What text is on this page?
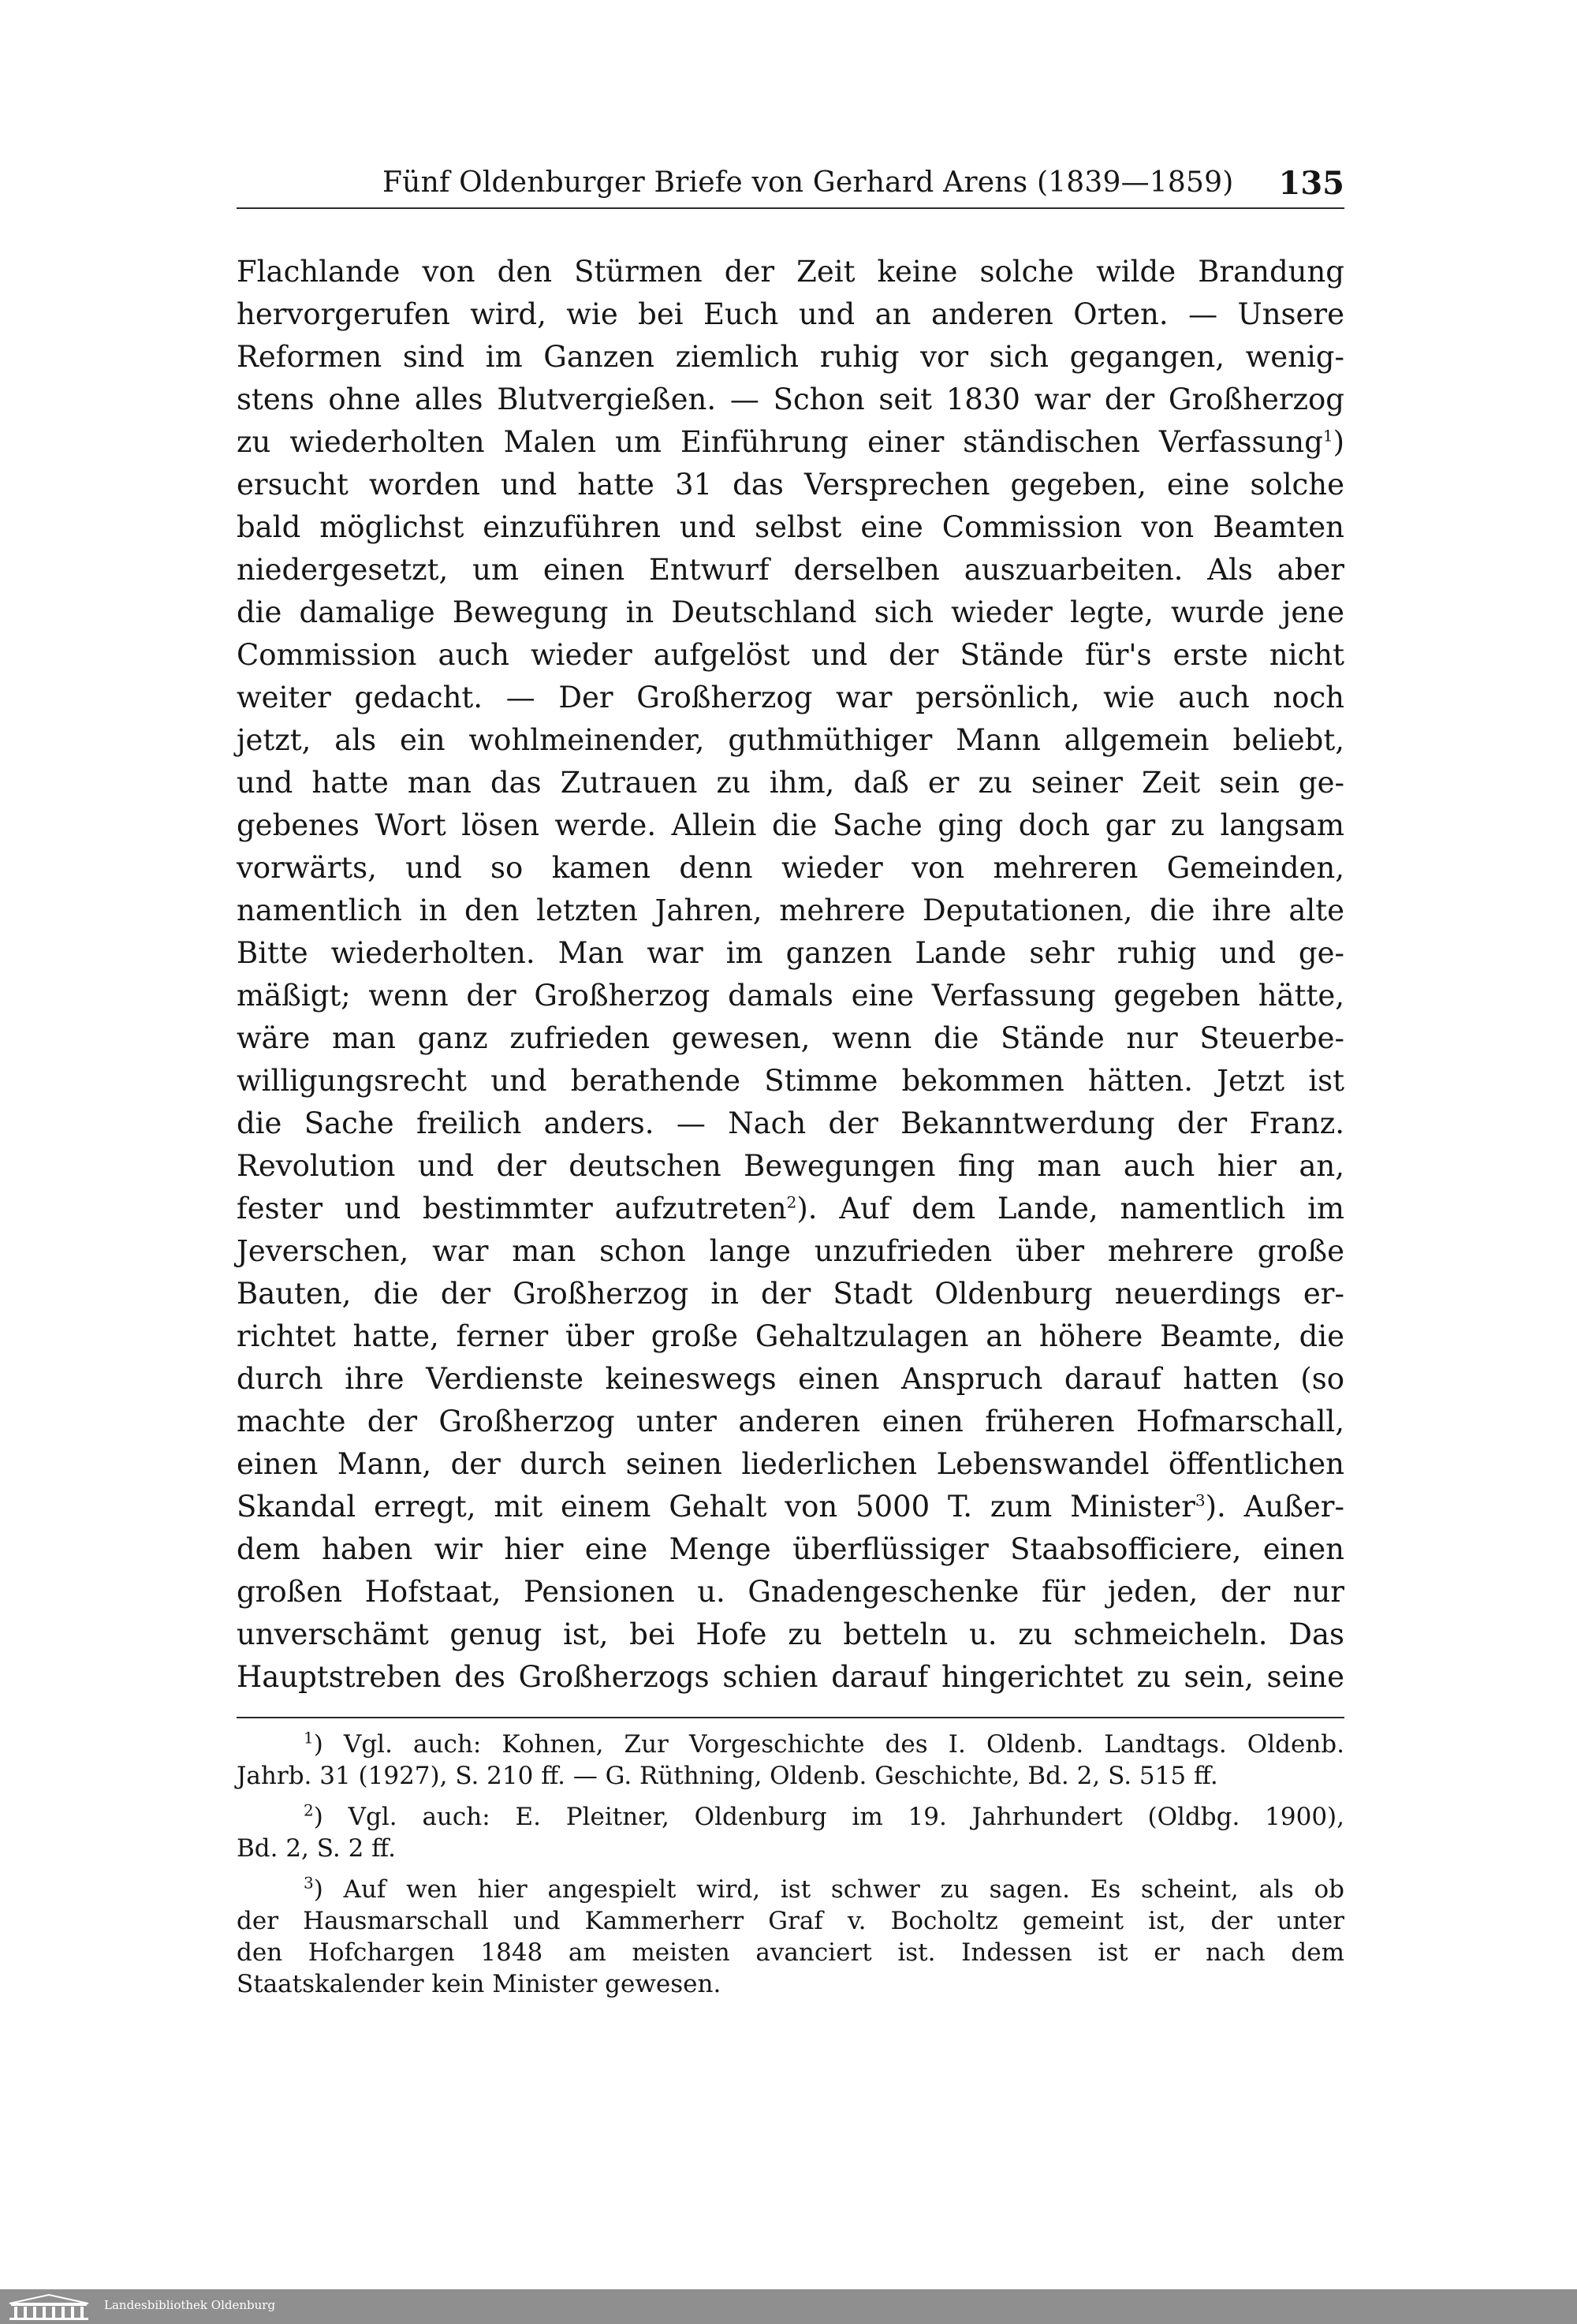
Fünf Oldenburger Briefe von Gerhard Arens (1839—1859) 135
Flachlande von den Stürmen der Zeit keine solche wilde Brandung
hervorgerufen wird, wie bei Euch und an anderen Orten. — Unsere
Reformen sind im Ganzen ziemlich ruhig vor sich gegangen, wenig-
stens ohne alles Blutvergießen. — Schon seit 1830 war der Großherzog
zu wiederholten Malen um Einführung einer ständischen Verfassung$^1$)
ersucht worden und hatte 31 das Versprechen gegeben, eine solche
bald möglichst einzuführen und selbst eine Commission von Beamten
niedergesetzt, um einen Entwurf derselben auszuarbeiten. Als aber
die damalige Bewegung in Deutschland sich wieder legte, wurde jene
Commission auch wieder aufgelöst und der Stände für's erste nicht
weiter gedacht. — Der Großherzog war persönlich, wie auch noch
jetzt, als ein wohlmeinender, guthmüthiger Mann allgemein beliebt,
und hatte man das Zutrauen zu ihm, daß er zu seiner Zeit sein ge-
gebenes Wort lösen werde. Allein die Sache ging doch gar zu langsam
vorwärts, und so kamen denn wieder von mehreren Gemeinden,
namentlich in den letzten Jahren, mehrere Deputationen, die ihre alte
Bitte wiederholten. Man war im ganzen Lande sehr ruhig und ge-
mäßigt; wenn der Großherzog damals eine Verfassung gegeben hätte,
wäre man ganz zufrieden gewesen, wenn die Stände nur Steuerbe-
willigungsrecht und berathende Stimme bekommen hätten. Jetzt ist
die Sache freilich anders. — Nach der Bekanntwerdung der Franz.
Revolution und der deutschen Bewegungen fing man auch hier an,
fester und bestimmter aufzutreten$^2$). Auf dem Lande, namentlich im
Jeverschen, war man schon lange unzufrieden über mehrere große
Bauten, die der Großherzog in der Stadt Oldenburg neuerdings er-
richtet hatte, ferner über große Gehaltzulagen an höhere Beamte, die
durch ihre Verdienste keineswegs einen Anspruch darauf hatten (so
machte der Großherzog unter anderen einen früheren Hofmarschall,
einen Mann, der durch seinen liederlichen Lebenswandel öffentlichen
Skandal erregt, mit einem Gehalt von 5000 T. zum Minister$^3$). Außer-
dem haben wir hier eine Menge überflüssiger Staabsofficiere, einen
großen Hofstaat, Pensionen u. Gnadengeschenke für jeden, der nur
unverschämt genug ist, bei Hofe zu betteln u. zu schmeicheln. Das
Hauptstreben des Großherzogs schien darauf hingerichtet zu sein, seine
$^1$) Vgl. auch: Kohnen, Zur Vorgeschichte des I. Oldenb. Landtags. Oldenb.
Jahrb. 31 (1927), S. 210 ff. — G. Rüthning, Oldenb. Geschichte, Bd. 2, S. 515 ff.
$^2$) Vgl. auch: E. Pleitner, Oldenburg im 19. Jahrhundert (Oldbg. 1900),
Bd. 2, S. 2 ff.
$^3$) Auf wen hier angespielt wird, ist schwer zu sagen. Es scheint, als ob
der Hausmarschall und Kammerherr Graf v. Bocholtz gemeint ist, der unter
den Hofchargen 1848 am meisten avanciert ist. Indessen ist er nach dem
Staatskalender kein Minister gewesen.
Landesbibliothek Oldenburg
